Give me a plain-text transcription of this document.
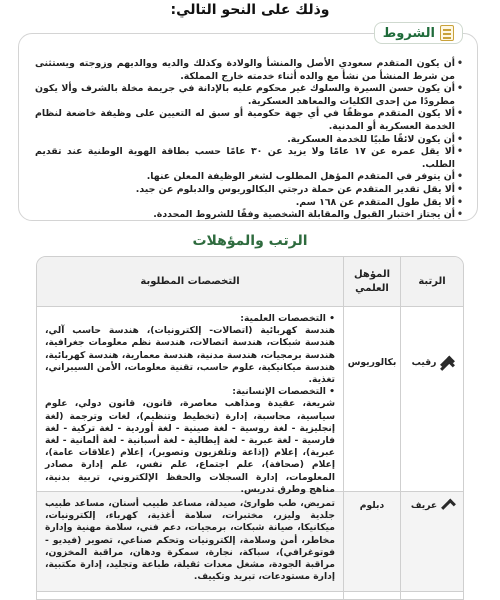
وذلك على النحو التالي:
الشروط
• أن يكون المتقدم سعودي الأصل والمنشأ والولادة وكذلك والديه ووالديهم وزوجته ويستثنى من شرط المنشأ من نشأ مع والده أثناء خدمته خارج المملكة.
• أن يكون حسن السيرة والسلوك غير محكوم عليه بالإدانة في جريمة مخلة بالشرف وألا يكون مطرودًا من إحدى الكليات والمعاهد العسكرية.
• ألا يكون المتقدم موظفًا في أي جهة حكومية أو سبق له التعيين على وظيفة خاضعة لنظام الخدمة العسكرية أو المدنية.
• أن يكون لائقًا طبيًا للخدمة العسكرية.
• ألا يقل عمره عن ١٧ عامًا ولا يزيد عن ٣٠ عامًا حسب بطاقة الهوية الوطنية عند تقديم الطلب.
• أن يتوفر في المتقدم المؤهل المطلوب لشغر الوظيفة المعلن عنها.
• ألا يقل تقدير المتقدم عن حملة درجتي البكالوريوس والدبلوم عن جيد.
• ألا يقل طول المتقدم عن ١٦٨ سم.
• أن يجتاز اختبار القبول والمقابلة الشخصية وفقًا للشروط المحددة.
الرتب والمؤهلات
الرتبة
المؤهل العلمي
التخصصات المطلوبة
رقيب
بكالوريوس
• التخصصات العلمية:
هندسة كهربائية (اتصالات- إلكترونيات)، هندسة حاسب آلي، هندسة شبكات، هندسة اتصالات، هندسة نظم معلومات جغرافية، هندسة برمجيات، هندسة مدنية، هندسة معمارية، هندسة كهربائية، هندسة ميكانيكية، علوم حاسب، تقنية معلومات، الأمن السيبراني، تغذية.
• التخصصات الإنسانية:
شريعة، عقيدة ومذاهب معاصرة، قانون، قانون دولي، علوم سياسية، محاسبة، إدارة (تخطيط وتنظيم)، لغات وترجمة (لغة إنجليزية - لغة روسية - لغة صينية - لغة أوردية - لغة تركية - لغة فارسية - لغة عبرية - لغة إيطالية - لغة أسبانية - لغة ألمانية - لغة عبرية)، إعلام (إذاعة وتلفزيون وتصوير)، إعلام (علاقات عامة)، إعلام (صحافة)، علم اجتماع، علم نفس، علم إدارة مصادر المعلومات، إدارة السجلات والحفظ الإلكتروني، تربية بدنية، مناهج وطرق تدريس.
عريف
دبلوم
تمريض، طب طوارئ، صيدلة، مساعد طبيب أسنان، مساعد طبيب جلدية وليزر، مختبرات، سلامة أغذية، كهرباء، إلكترونيات، ميكانيكا، صيانة شبكات، برمجيات، دعم فني، سلامة مهنية وإدارة مخاطر، أمن وسلامة، إلكترونيات وتحكم صناعي، تصوير (فيديو - فوتوغرافي)، سباكة، نجارة، سمكرة ودهان، مراقبة المخزون، مراقبة الجودة، مشغل معدات ثقيلة، طباعة وتجليد، إدارة مكتبية، إدارة مستودعات، تبريد وتكييف.
